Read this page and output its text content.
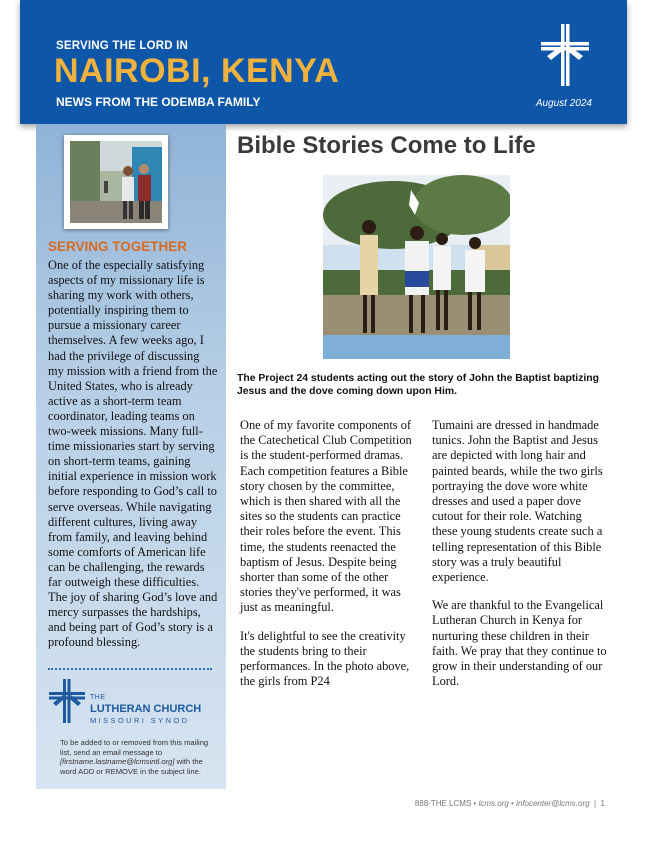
SERVING THE LORD IN
NAIROBI, KENYA
NEWS FROM THE ODEMBA FAMILY	August 2024
SERVING TOGETHER
One of the especially satisfying aspects of my missionary life is sharing my work with others, potentially inspiring them to pursue a missionary career themselves. A few weeks ago, I had the privilege of discussing my mission with a friend from the United States, who is already active as a short-term team coordinator, leading teams on two-week missions. Many full-time missionaries start by serving on short-term teams, gaining initial experience in mission work before responding to God’s call to serve overseas. While navigating different cultures, living away from family, and leaving behind some comforts of American life can be challenging, the rewards far outweigh these difficulties. The joy of sharing God’s love and mercy surpasses the hardships, and being part of God’s story is a profound blessing.
THE
LUTHERAN CHURCH
MISSOURI SYNOD
To be added to or removed from this mailing list, send an email message to [firstname.lastname@lcmsintl.org] with the word ADD or REMOVE in the subject line.
Bible Stories Come to Life
The Project 24 students acting out the story of John the Baptist baptizing Jesus and the dove coming down upon Him.

One of my favorite components of the Catechetical Club Competition is the student-performed dramas. Each competition features a Bible story chosen by the committee, which is then shared with all the sites so the students can practice their roles before the event. This time, the students reenacted the baptism of Jesus. Despite being shorter than some of the other stories they've performed, it was just as meaningful.

It's delightful to see the creativity the students bring to their performances. In the photo above, the girls from P24

Tumaini are dressed in handmade tunics. John the Baptist and Jesus are depicted with long hair and painted beards, while the two girls portraying the dove wore white dresses and used a paper dove cutout for their role. Watching these young students create such a telling representation of this Bible story was a truly beautiful experience.

We are thankful to the Evangelical Lutheran Church in Kenya for nurturing these children in their faith. We pray that they continue to grow in their understanding of our Lord.

888-THE LCMS • lcms.org • infocenter@lcms.org | 1
